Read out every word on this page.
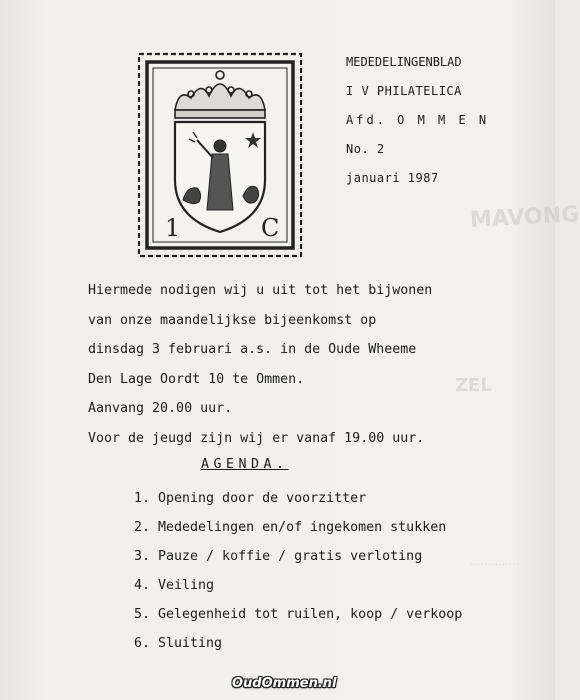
MAVONG
ZEL
..............
1	C
MEDEDELINGENBLAD
I V PHILATELICA
Afd. O M M E N
No. 2
januari 1987
Hiermede nodigen wij u uit tot het bijwonen
van onze maandelijkse bijeenkomst op
dinsdag 3 februari a.s. in de Oude Wheeme
Den Lage Oordt 10 te Ommen.
Aanvang 20.00 uur.
Voor de jeugd zijn wij er vanaf 19.00 uur.
AGENDA.
1. Opening door de voorzitter
2. Mededelingen en/of ingekomen stukken
3. Pauze / koffie / gratis verloting
4. Veiling
5. Gelegenheid tot ruilen, koop / verkoop
6. Sluiting
OudOmmen.nl
